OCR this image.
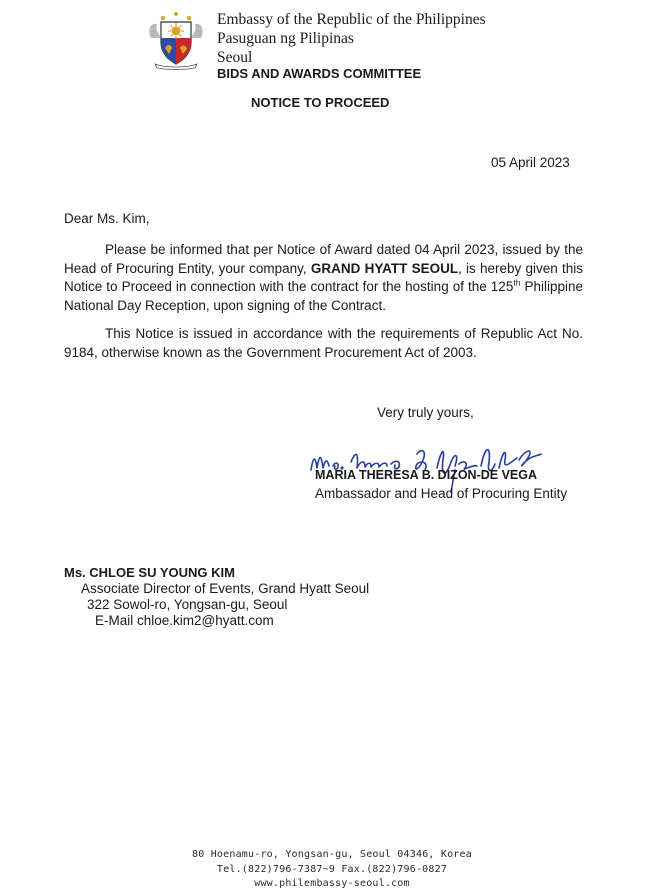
Embassy of the Republic of the Philippines
Pasuguan ng Pilipinas
Seoul
BIDS AND AWARDS COMMITTEE
NOTICE TO PROCEED
05 April 2023
Dear Ms. Kim,
Please be informed that per Notice of Award dated 04 April 2023, issued by the Head of Procuring Entity, your company, GRAND HYATT SEOUL, is hereby given this Notice to Proceed in connection with the contract for the hosting of the 125th Philippine National Day Reception, upon signing of the Contract.
This Notice is issued in accordance with the requirements of Republic Act No. 9184, otherwise known as the Government Procurement Act of 2003.
Very truly yours,
MARIA THERESA B. DIZON-DE VEGA
Ambassador and Head of Procuring Entity
Ms. CHLOE SU YOUNG KIM
Associate Director of Events, Grand Hyatt Seoul
322 Sowol-ro, Yongsan-gu, Seoul
E-Mail chloe.kim2@hyatt.com
80 Hoenamu-ro, Yongsan-gu, Seoul 04346, Korea
Tel.(822)796-7387~9 Fax.(822)796-0827
www.philembassy-seoul.com
